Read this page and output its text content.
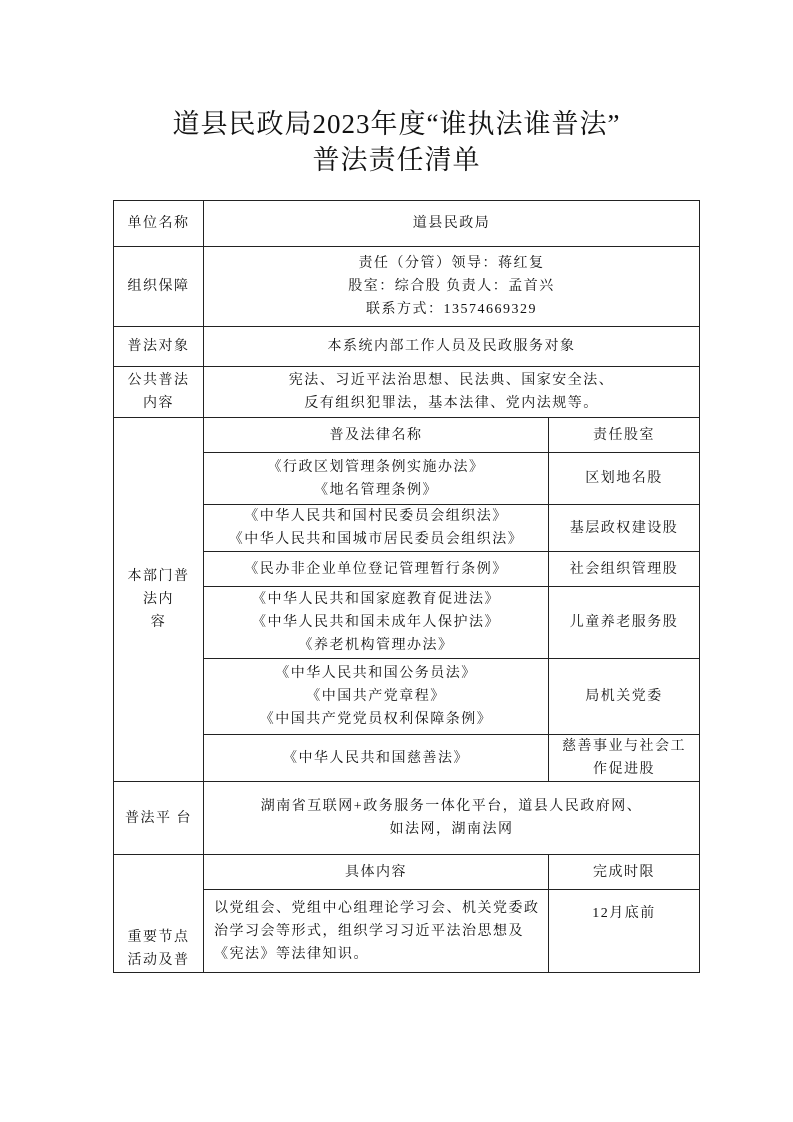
道县民政局2023年度“谁执法谁普法”
普法责任清单
单位名称	道县民政局	
组织保障	责任（分管）领导：蒋红复
股室：综合股 负责人：孟首兴
联系方式：13574669329	

普法对象	本系统内部工作人员及民政服务对象	

公共普法
内容	宪法、习近平法治思想、民法典、国家安全法、
反有组织犯罪法，基本法律、党内法规等。	

本部门普
法内
容	普及法律名称	责任股室

	《行政区划管理条例实施办法》
《地名管理条例》	区划地名股

	《中华人民共和国村民委员会组织法》
《中华人民共和国城市居民委员会组织法》	基层政权建设股

	《民办非企业单位登记管理暂行条例》	社会组织管理股

	《中华人民共和国家庭教育促进法》
《中华人民共和国未成年人保护法》
《养老机构管理办法》	儿童养老服务股

	《中华人民共和国公务员法》
《中国共产党章程》
《中国共产党党员权利保障条例》	局机关党委

	《中华人民共和国慈善法》	慈善事业与社会工
作促进股

普法平 台	湖南省互联网+政务服务一体化平台，道县人民政府网、
如法网，湖南法网	

重要节点
活动及普	具体内容	完成时限

	以党组会、党组中心组理论学习会、机关党委政
治学习会等形式，组织学习习近平法治思想及
《宪法》等法律知识。	12月底前
